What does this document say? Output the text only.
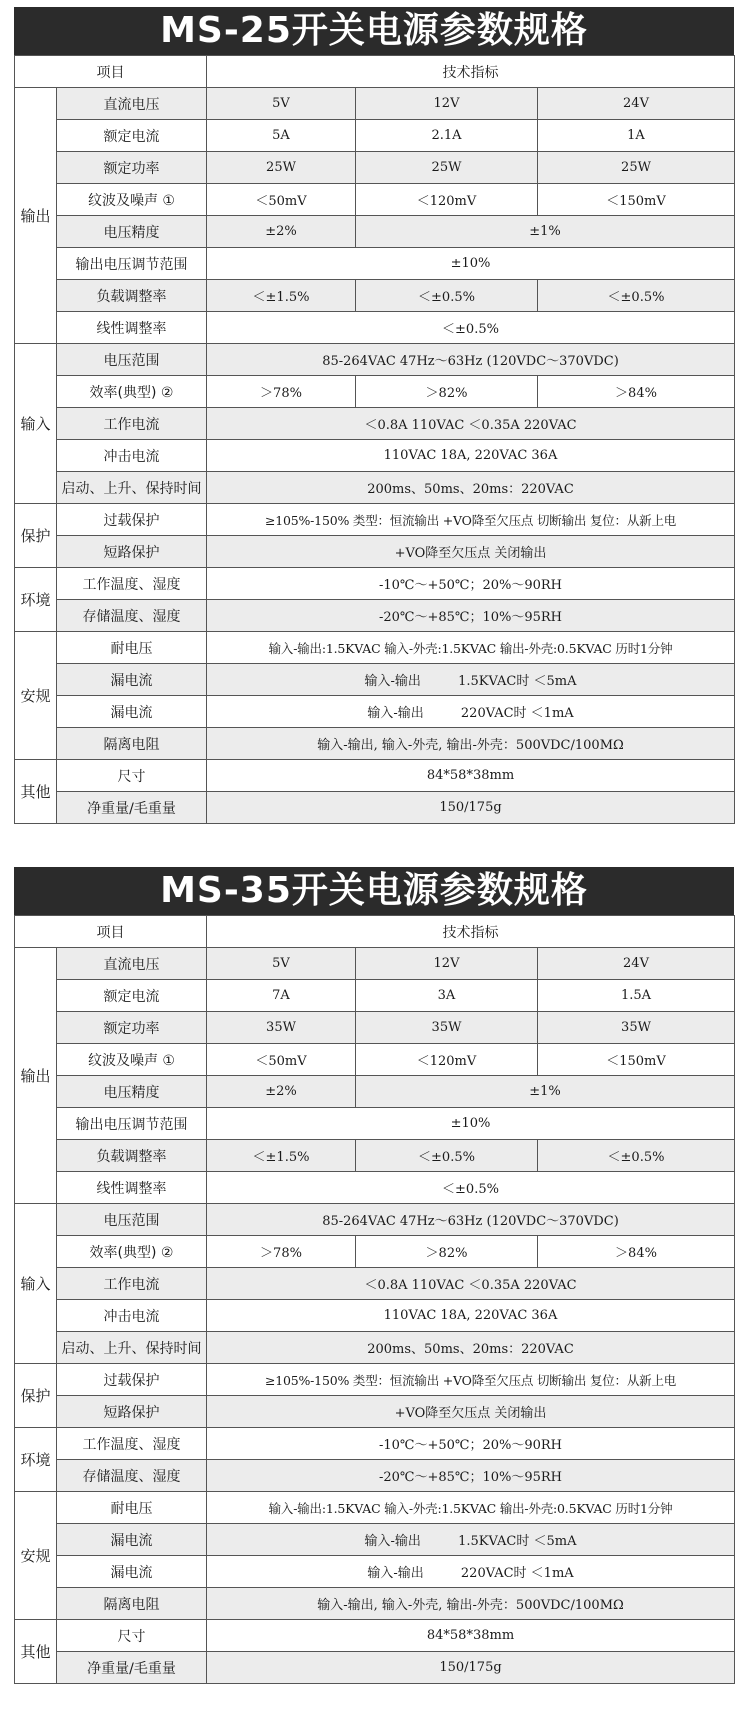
MS-25开关电源参数规格
项目		技术指标		
输出	直流电压	5V	12V	24V
	额定电流	5A	2.1A	1A
	额定功率	25W	25W	25W
	纹波及噪声 ①	＜50mV	＜120mV	＜150mV
	电压精度	±2%	±1%	
	输出电压调节范围	±10%		
	负载调整率	＜±1.5%	＜±0.5%	＜±0.5%
	线性调整率	＜±0.5%		
输入	电压范围	85-264VAC 47Hz～63Hz (120VDC～370VDC)		
	效率(典型) ②	＞78%	＞82%	＞84%
	工作电流	＜0.8A 110VAC ＜0.35A 220VAC		
	冲击电流	110VAC 18A, 220VAC 36A		
	启动、上升、保持时间	200ms、50ms、20ms：220VAC		
保护	过载保护	≥105%-150% 类型：恒流输出 +VO降至欠压点 切断输出 复位：从新上电		
	短路保护	+VO降至欠压点 关闭输出		
环境	工作温度、湿度	-10℃～+50℃；20%～90RH		
	存储温度、湿度	-20℃～+85℃；10%～95RH		
安规	耐电压	输入-输出:1.5KVAC 输入-外壳:1.5KVAC 输出-外壳:0.5KVAC 历时1分钟		
	漏电流	输入-输出         1.5KVAC时 ＜5mA		
	漏电流	输入-输出         220VAC时 ＜1mA		
	隔离电阻	输入-输出, 输入-外壳, 输出-外壳：500VDC/100MΩ		
其他	尺寸	84*58*38mm		
	净重量/毛重量	150/175g		
MS-35开关电源参数规格
项目		技术指标		
输出	直流电压	5V	12V	24V
	额定电流	7A	3A	1.5A
	额定功率	35W	35W	35W
	纹波及噪声 ①	＜50mV	＜120mV	＜150mV
	电压精度	±2%	±1%	
	输出电压调节范围	±10%		
	负载调整率	＜±1.5%	＜±0.5%	＜±0.5%
	线性调整率	＜±0.5%		
输入	电压范围	85-264VAC 47Hz～63Hz (120VDC～370VDC)		
	效率(典型) ②	＞78%	＞82%	＞84%
	工作电流	＜0.8A 110VAC ＜0.35A 220VAC		
	冲击电流	110VAC 18A, 220VAC 36A		
	启动、上升、保持时间	200ms、50ms、20ms：220VAC		
保护	过载保护	≥105%-150% 类型：恒流输出 +VO降至欠压点 切断输出 复位：从新上电		
	短路保护	+VO降至欠压点 关闭输出		
环境	工作温度、湿度	-10℃～+50℃；20%～90RH		
	存储温度、湿度	-20℃～+85℃；10%～95RH		
安规	耐电压	输入-输出:1.5KVAC 输入-外壳:1.5KVAC 输出-外壳:0.5KVAC 历时1分钟		
	漏电流	输入-输出         1.5KVAC时 ＜5mA		
	漏电流	输入-输出         220VAC时 ＜1mA		
	隔离电阻	输入-输出, 输入-外壳, 输出-外壳：500VDC/100MΩ		
其他	尺寸	84*58*38mm		
	净重量/毛重量	150/175g		
